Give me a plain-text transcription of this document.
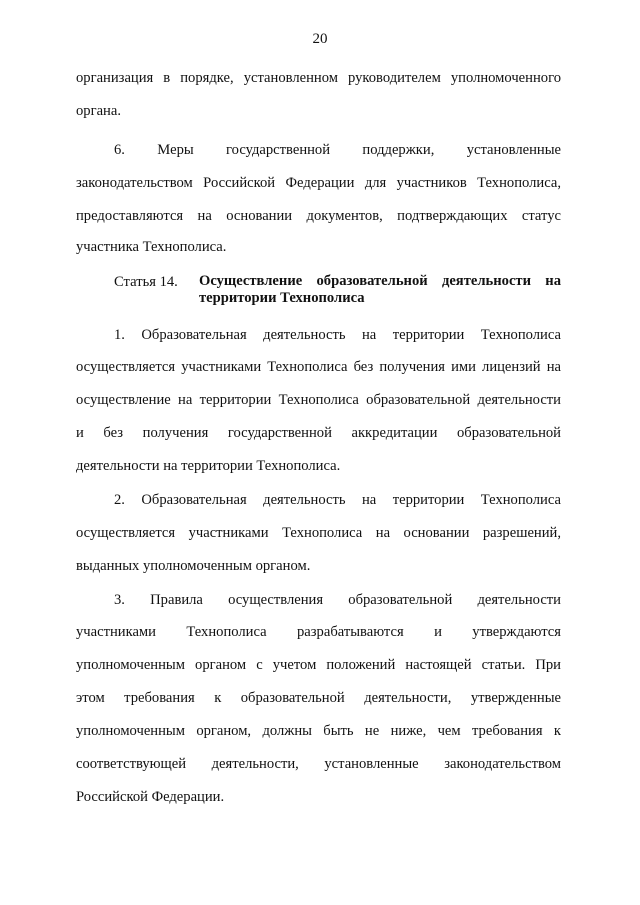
20
организация в порядке, установленном руководителем уполномоченного
органа.
6. Меры государственной поддержки, установленные
законодательством Российской Федерации для участников Технополиса,
предоставляются на основании документов, подтверждающих статус
участника Технополиса.
Статья 14. Осуществление образовательной деятельности на
территории Технополиса
1. Образовательная деятельность на территории Технополиса
осуществляется участниками Технополиса без получения ими лицензий на
осуществление на территории Технополиса образовательной деятельности
и без получения государственной аккредитации образовательной
деятельности на территории Технополиса.
2. Образовательная деятельность на территории Технополиса
осуществляется участниками Технополиса на основании разрешений,
выданных уполномоченным органом.
3. Правила осуществления образовательной деятельности
участниками Технополиса разрабатываются и утверждаются
уполномоченным органом с учетом положений настоящей статьи. При
этом требования к образовательной деятельности, утвержденные
уполномоченным органом, должны быть не ниже, чем требования к
соответствующей деятельности, установленные законодательством
Российской Федерации.
